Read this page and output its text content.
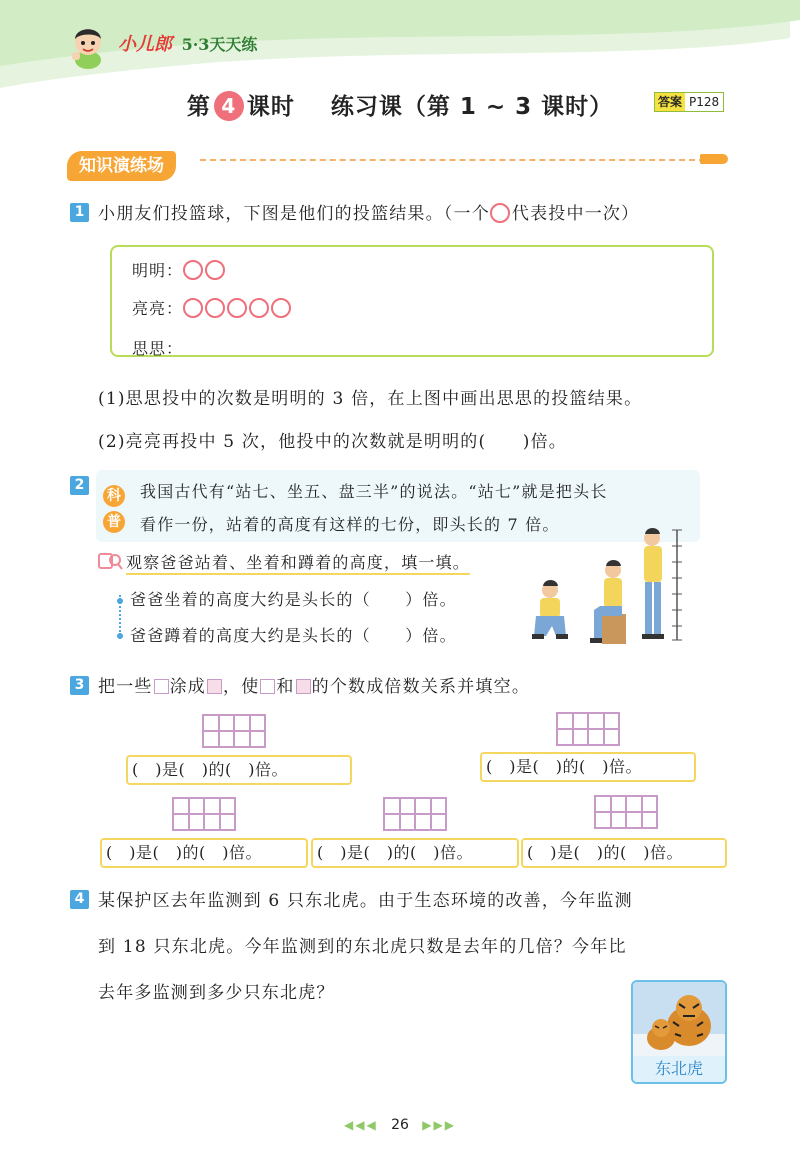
小儿郎 5·3天天练
第 4 课时 练习课（第 1 ~ 3 课时）	答案 P128
知识演练场
1 小朋友们投篮球，下图是他们的投篮结果。（一个 代表投中一次）
明明：
亮亮：
思思：
(1)思思投中的次数是明明的 3 倍，在上图中画出思思的投篮结果。
(2)亮亮再投中 5 次，他投中的次数就是明明的(　　)倍。
2
科
普
我国古代有“站七、坐五、盘三半”的说法。“站七”就是把头长
看作一份，站着的高度有这样的七份，即头长的 7 倍。
观察爸爸站着、坐着和蹲着的高度，填一填。
爸爸坐着的高度大约是头长的（　　）倍。
爸爸蹲着的高度大约是头长的（　　）倍。
3 把一些 涂成 ，使 和 的个数成倍数关系并填空。
(　)是(　)的(　)倍。	(　)是(　)的(　)倍。
(　)是(　)的(　)倍。	(　)是(　)的(　)倍。	(　)是(　)的(　)倍。
4 某保护区去年监测到 6 只东北虎。由于生态环境的改善，今年监测
到 18 只东北虎。今年监测到的东北虎只数是去年的几倍？今年比
去年多监测到多少只东北虎？
东北虎
◀◀◀ 26 ▶▶▶
